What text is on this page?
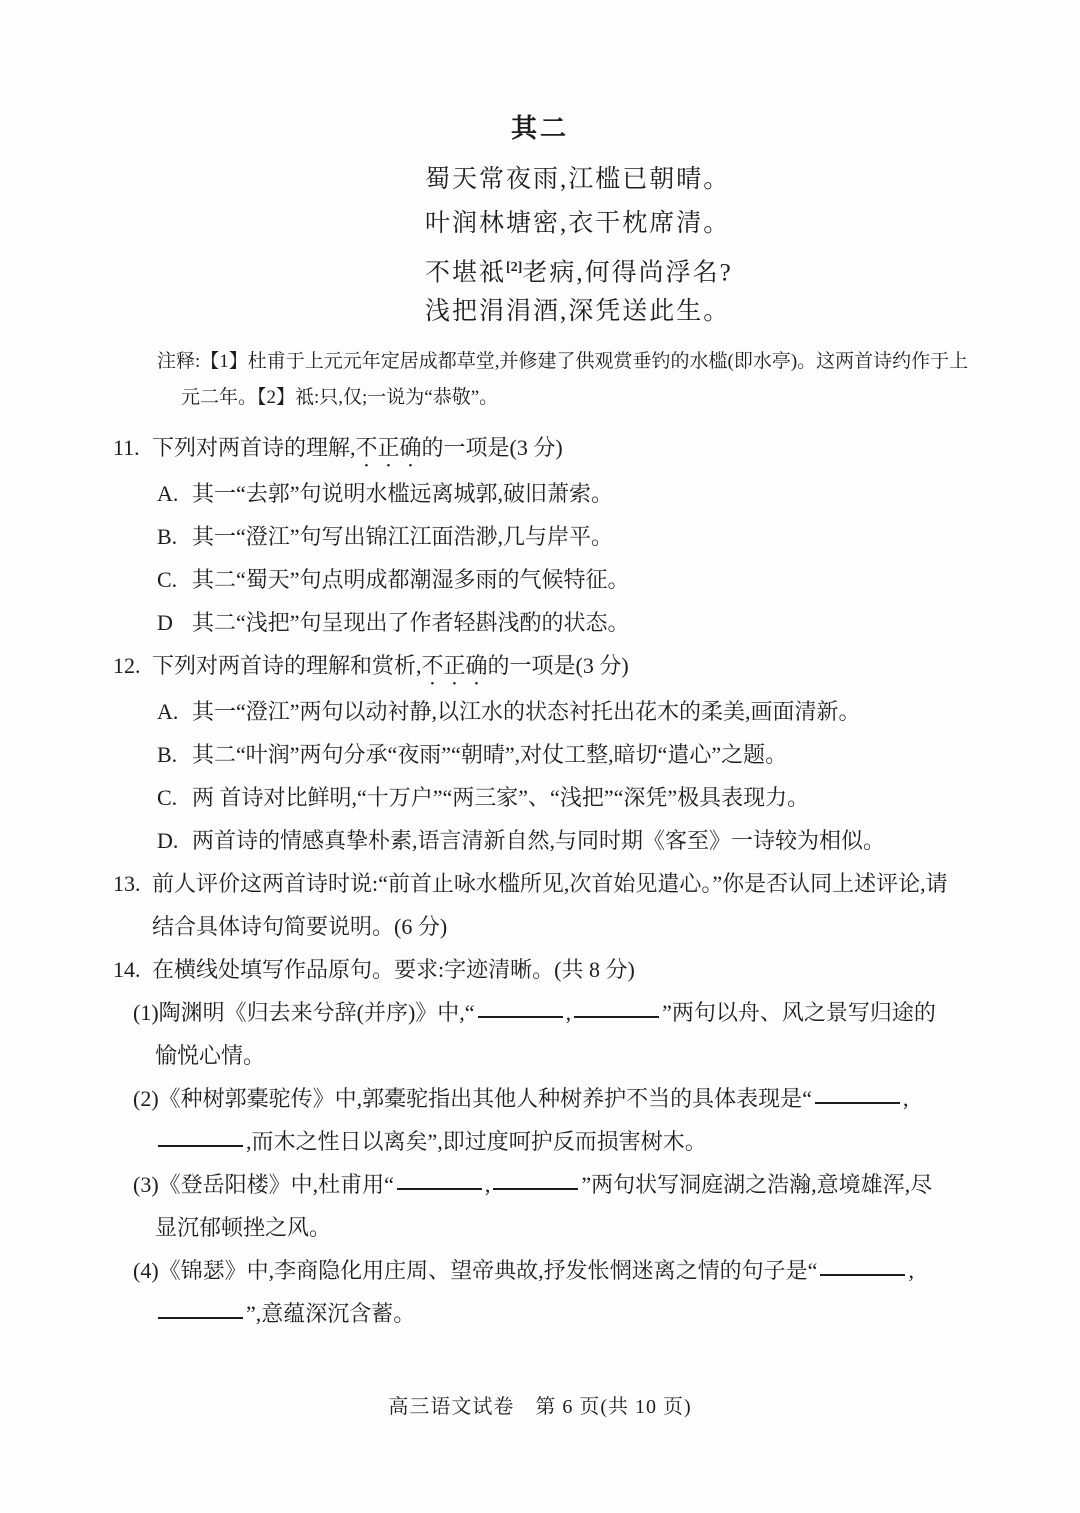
其二
蜀天常夜雨,江槛已朝晴。
叶润林塘密,衣干枕席清。
不堪祗[2]老病,何得尚浮名?
浅把涓涓酒,深凭送此生。
注释:【1】杜甫于上元元年定居成都草堂,并修建了供观赏垂钓的水槛(即水亭)。这两首诗约作于上
元二年。【2】祗:只,仅;一说为“恭敬”。
11. 下列对两首诗的理解,不正确的一项是(3 分)
A. 其一“去郭”句说明水槛远离城郭,破旧萧索。
B. 其一“澄江”句写出锦江江面浩渺,几与岸平。
C. 其二“蜀天”句点明成都潮湿多雨的气候特征。
D 其二“浅把”句呈现出了作者轻斟浅酌的状态。
12. 下列对两首诗的理解和赏析,不正确的一项是(3 分)
A. 其一“澄江”两句以动衬静,以江水的状态衬托出花木的柔美,画面清新。
B. 其二“叶润”两句分承“夜雨”“朝晴”,对仗工整,暗切“遣心”之题。
C. 两 首诗对比鲜明,“十万户”“两三家”、“浅把”“深凭”极具表现力。
D. 两首诗的情感真挚朴素,语言清新自然,与同时期《客至》一诗较为相似。
13. 前人评价这两首诗时说:“前首止咏水槛所见,次首始见遣心。”你是否认同上述评论,请
结合具体诗句简要说明。(6 分)
14. 在横线处填写作品原句。要求:字迹清晰。(共 8 分)
(1)陶渊明《归去来兮辞(并序)》中,“	,	”两句以舟、风之景写归途的
愉悦心情。
(2)《种树郭橐驼传》中,郭橐驼指出其他人种树养护不当的具体表现是“	,
,而木之性日以离矣”,即过度呵护反而损害树木。
(3)《登岳阳楼》中,杜甫用“	,	”两句状写洞庭湖之浩瀚,意境雄浑,尽
显沉郁顿挫之风。
(4)《锦瑟》中,李商隐化用庄周、望帝典故,抒发怅惘迷离之情的句子是“	,
”,意蕴深沉含蓄。
高三语文试卷　第 6 页(共 10 页)
